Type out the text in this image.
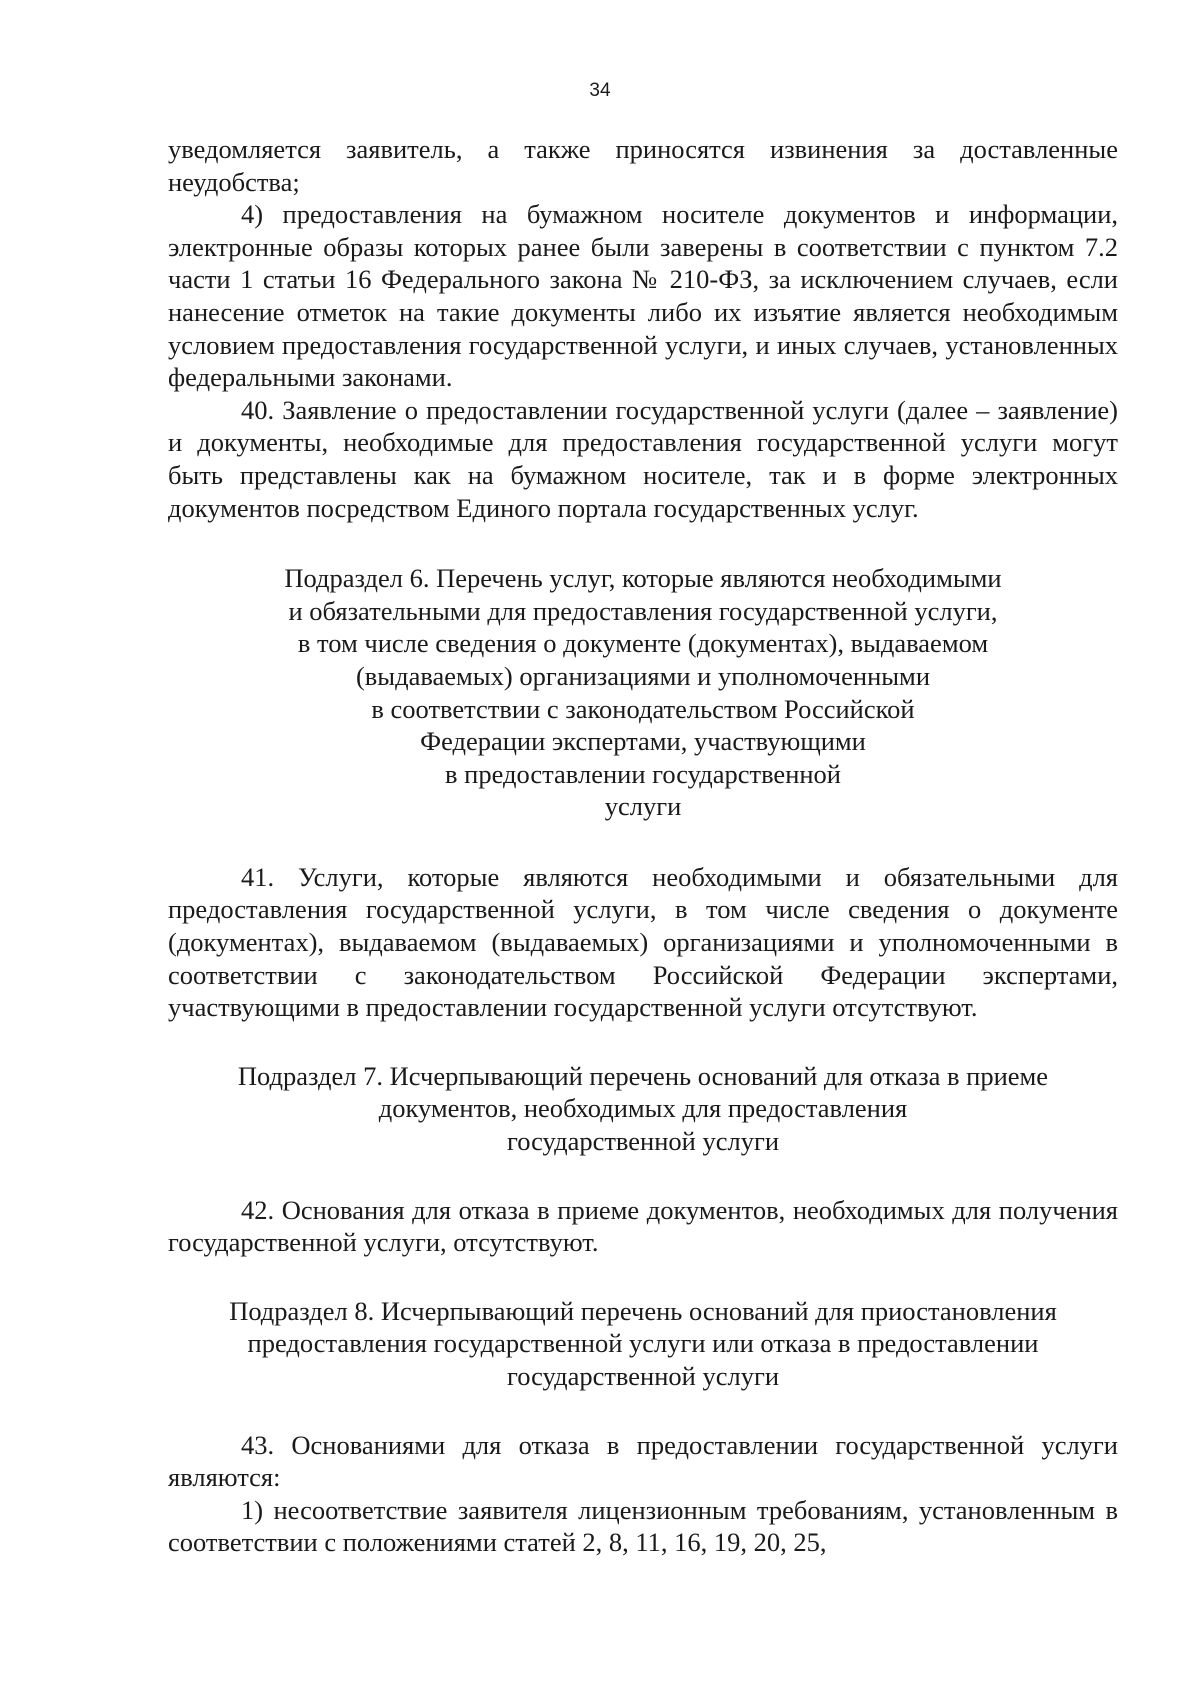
34

уведомляется заявитель, а также приносятся извинения за доставленные неудобства;

4) предоставления на бумажном носителе документов и информации, электронные образы которых ранее были заверены в соответствии с пунктом 7.2 части 1 статьи 16 Федерального закона № 210-ФЗ, за исключением случаев, если нанесение отметок на такие документы либо их изъятие является необходимым условием предоставления государственной услуги, и иных случаев, установленных федеральными законами.

40. Заявление о предоставлении государственной услуги (далее – заявление) и документы, необходимые для предоставления государственной услуги могут быть представлены как на бумажном носителе, так и в форме электронных документов посредством Единого портала государственных услуг.

Подраздел 6. Перечень услуг, которые являются необходимыми
и обязательными для предоставления государственной услуги,
в том числе сведения о документе (документах), выдаваемом
(выдаваемых) организациями и уполномоченными
в соответствии с законодательством Российской
Федерации экспертами, участвующими
в предоставлении государственной
услуги

41. Услуги, которые являются необходимыми и обязательными для предоставления государственной услуги, в том числе сведения о документе (документах), выдаваемом (выдаваемых) организациями и уполномоченными в соответствии с законодательством Российской Федерации экспертами, участвующими в предоставлении государственной услуги отсутствуют.

Подраздел 7. Исчерпывающий перечень оснований для отказа в приеме
документов, необходимых для предоставления
государственной услуги

42. Основания для отказа в приеме документов, необходимых для получения государственной услуги, отсутствуют.

Подраздел 8. Исчерпывающий перечень оснований для приостановления
предоставления государственной услуги или отказа в предоставлении
государственной услуги

43. Основаниями для отказа в предоставлении государственной услуги являются:

1) несоответствие заявителя лицензионным требованиям, установленным в соответствии с положениями статей 2, 8, 11, 16, 19, 20, 25,
